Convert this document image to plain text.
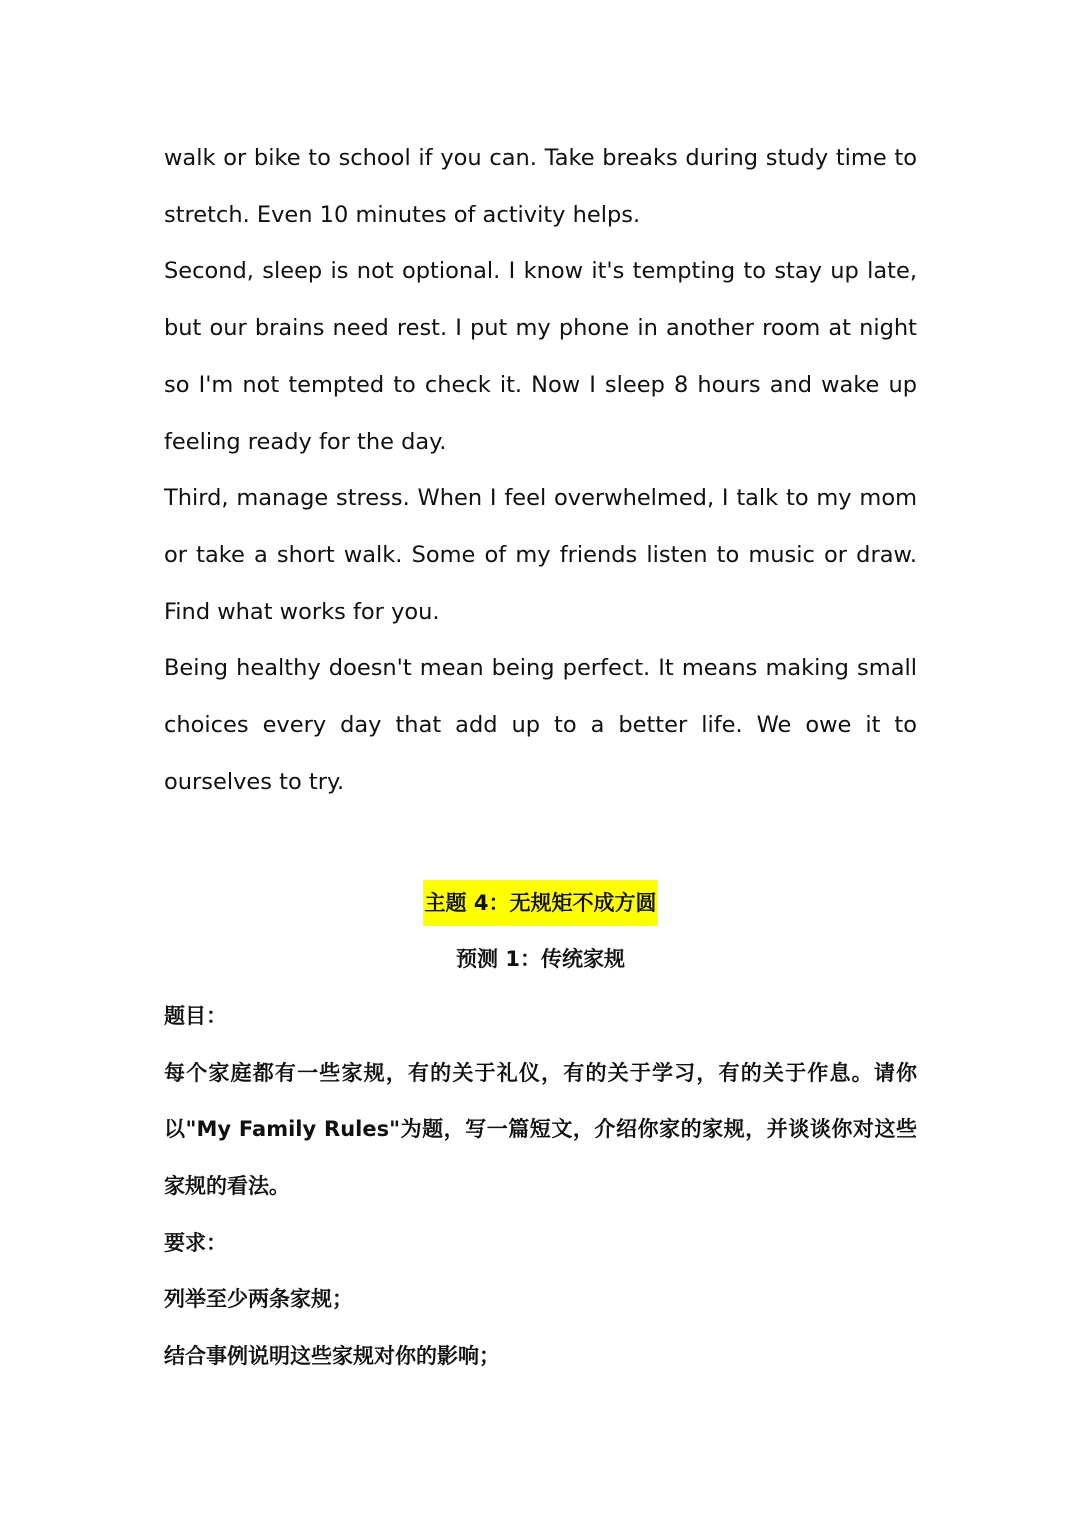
walk or bike to school if you can. Take breaks during study time to stretch. Even 10 minutes of activity helps.

Second, sleep is not optional. I know it's tempting to stay up late, but our brains need rest. I put my phone in another room at night so I'm not tempted to check it. Now I sleep 8 hours and wake up feeling ready for the day.

Third, manage stress. When I feel overwhelmed, I talk to my mom or take a short walk. Some of my friends listen to music or draw. Find what works for you.

Being healthy doesn't mean being perfect. It means making small choices every day that add up to a better life. We owe it to ourselves to try.

主题 4：无规矩不成方圆

预测 1：传统家规

题目：

每个家庭都有一些家规，有的关于礼仪，有的关于学习，有的关于作息。请你以"My Family Rules"为题，写一篇短文，介绍你家的家规，并谈谈你对这些家规的看法。

要求：

列举至少两条家规；

结合事例说明这些家规对你的影响；
